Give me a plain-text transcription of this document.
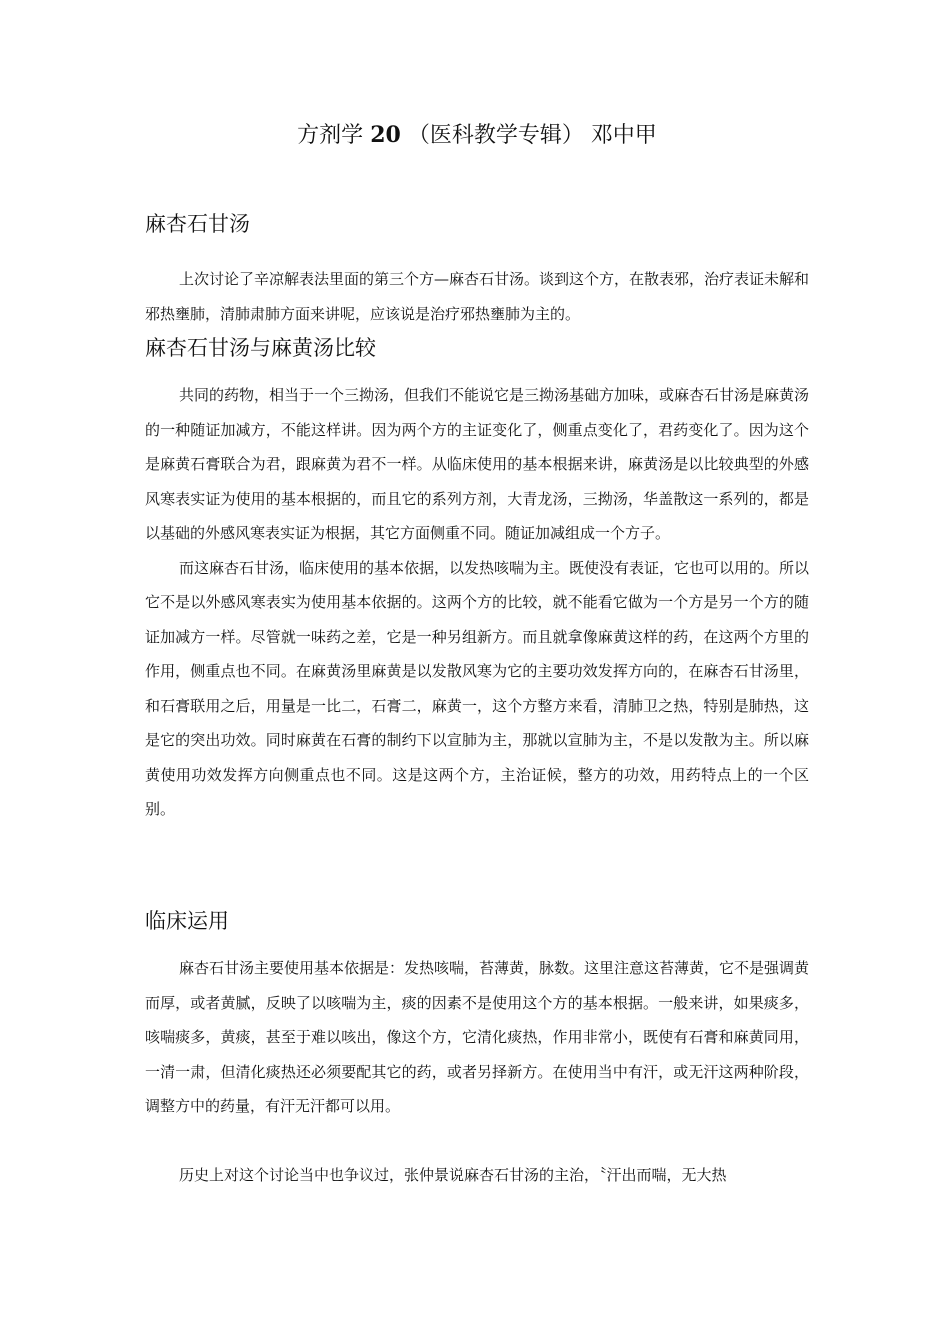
方剂学 20 （医科教学专辑） 邓中甲
麻杏石甘汤

上次讨论了辛凉解表法里面的第三个方—麻杏石甘汤。谈到这个方，在散表邪，治疗表证未解和邪热壅肺，清肺肃肺方面来讲呢，应该说是治疗邪热壅肺为主的。

麻杏石甘汤与麻黄汤比较

共同的药物，相当于一个三拗汤，但我们不能说它是三拗汤基础方加味，或麻杏石甘汤是麻黄汤的一种随证加减方，不能这样讲。因为两个方的主证变化了，侧重点变化了，君药变化了。因为这个是麻黄石膏联合为君，跟麻黄为君不一样。从临床使用的基本根据来讲，麻黄汤是以比较典型的外感风寒表实证为使用的基本根据的，而且它的系列方剂，大青龙汤，三拗汤，华盖散这一系列的，都是以基础的外感风寒表实证为根据，其它方面侧重不同。随证加减组成一个方子。

而这麻杏石甘汤，临床使用的基本依据，以发热咳喘为主。既使没有表证，它也可以用的。所以它不是以外感风寒表实为使用基本依据的。这两个方的比较，就不能看它做为一个方是另一个方的随证加减方一样。尽管就一味药之差，它是一种另组新方。而且就拿像麻黄这样的药，在这两个方里的作用，侧重点也不同。在麻黄汤里麻黄是以发散风寒为它的主要功效发挥方向的，在麻杏石甘汤里，和石膏联用之后，用量是一比二，石膏二，麻黄一，这个方整方来看，清肺卫之热，特别是肺热，这是它的突出功效。同时麻黄在石膏的制约下以宣肺为主，那就以宣肺为主，不是以发散为主。所以麻黄使用功效发挥方向侧重点也不同。这是这两个方，主治证候，整方的功效，用药特点上的一个区别。

临床运用

麻杏石甘汤主要使用基本依据是：发热咳喘，苔薄黄，脉数。这里注意这苔薄黄，它不是强调黄而厚，或者黄腻，反映了以咳喘为主，痰的因素不是使用这个方的基本根据。一般来讲，如果痰多，咳喘痰多，黄痰，甚至于难以咳出，像这个方，它清化痰热，作用非常小，既使有石膏和麻黄同用，一清一肃，但清化痰热还必须要配其它的药，或者另择新方。在使用当中有汗，或无汗这两种阶段，调整方中的药量，有汗无汗都可以用。

历史上对这个讨论当中也争议过，张仲景说麻杏石甘汤的主治，〝汗出而喘，无大热
